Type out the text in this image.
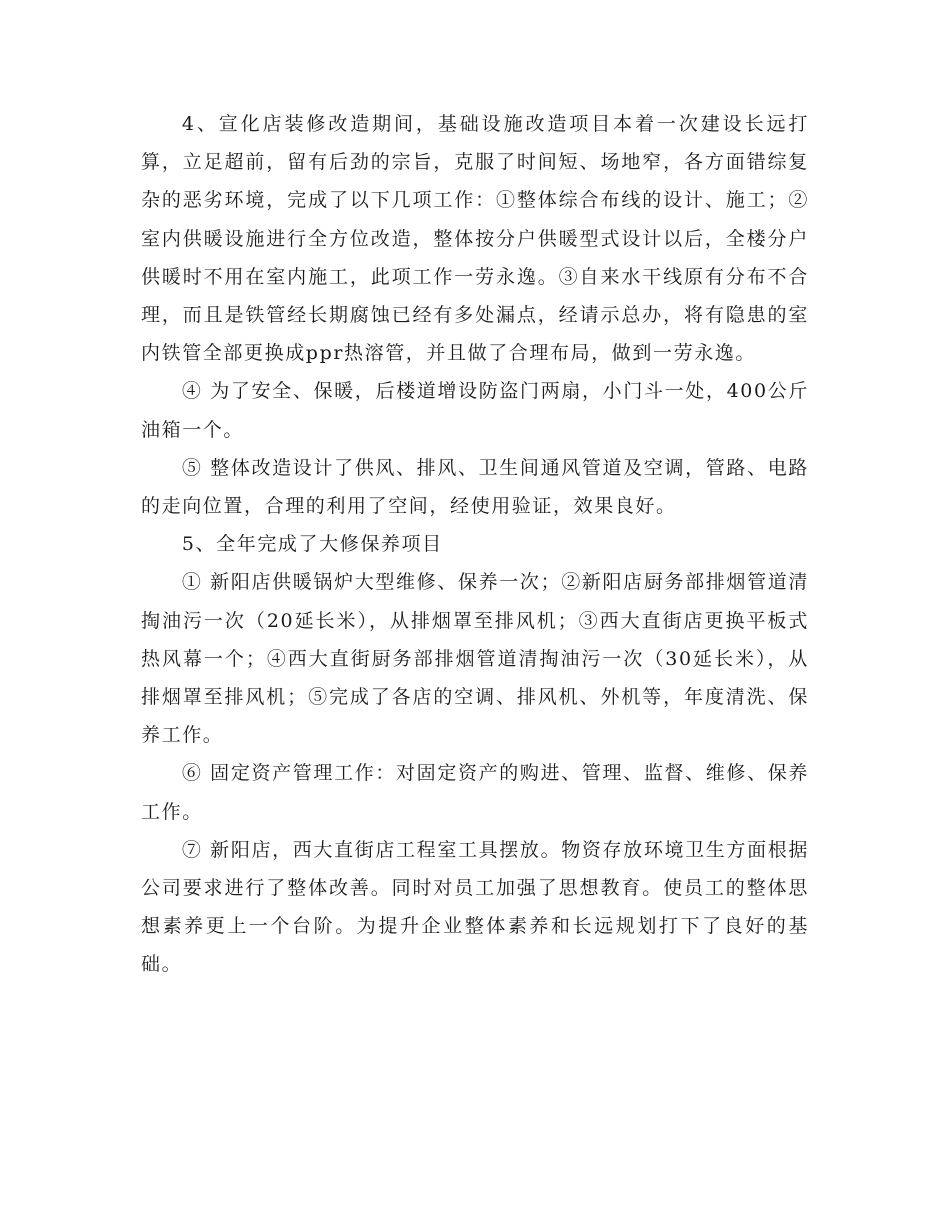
4、宣化店装修改造期间，基础设施改造项目本着一次建设长远打算，立足超前，留有后劲的宗旨，克服了时间短、场地窄，各方面错综复杂的恶劣环境，完成了以下几项工作：①整体综合布线的设计、施工；②室内供暖设施进行全方位改造，整体按分户供暖型式设计以后，全楼分户供暖时不用在室内施工，此项工作一劳永逸。③自来水干线原有分布不合理，而且是铁管经长期腐蚀已经有多处漏点，经请示总办，将有隐患的室内铁管全部更换成ppr热溶管，并且做了合理布局，做到一劳永逸。

④ 为了安全、保暖，后楼道增设防盗门两扇，小门斗一处，400公斤油箱一个。

⑤ 整体改造设计了供风、排风、卫生间通风管道及空调，管路、电路的走向位置，合理的利用了空间，经使用验证，效果良好。

5、全年完成了大修保养项目

① 新阳店供暖锅炉大型维修、保养一次；②新阳店厨务部排烟管道清掏油污一次（20延长米），从排烟罩至排风机；③西大直街店更换平板式热风幕一个；④西大直街厨务部排烟管道清掏油污一次（30延长米），从排烟罩至排风机；⑤完成了各店的空调、排风机、外机等，年度清洗、保养工作。

⑥ 固定资产管理工作：对固定资产的购进、管理、监督、维修、保养工作。

⑦ 新阳店，西大直街店工程室工具摆放。物资存放环境卫生方面根据公司要求进行了整体改善。同时对员工加强了思想教育。使员工的整体思想素养更上一个台阶。为提升企业整体素养和长远规划打下了良好的基础。
